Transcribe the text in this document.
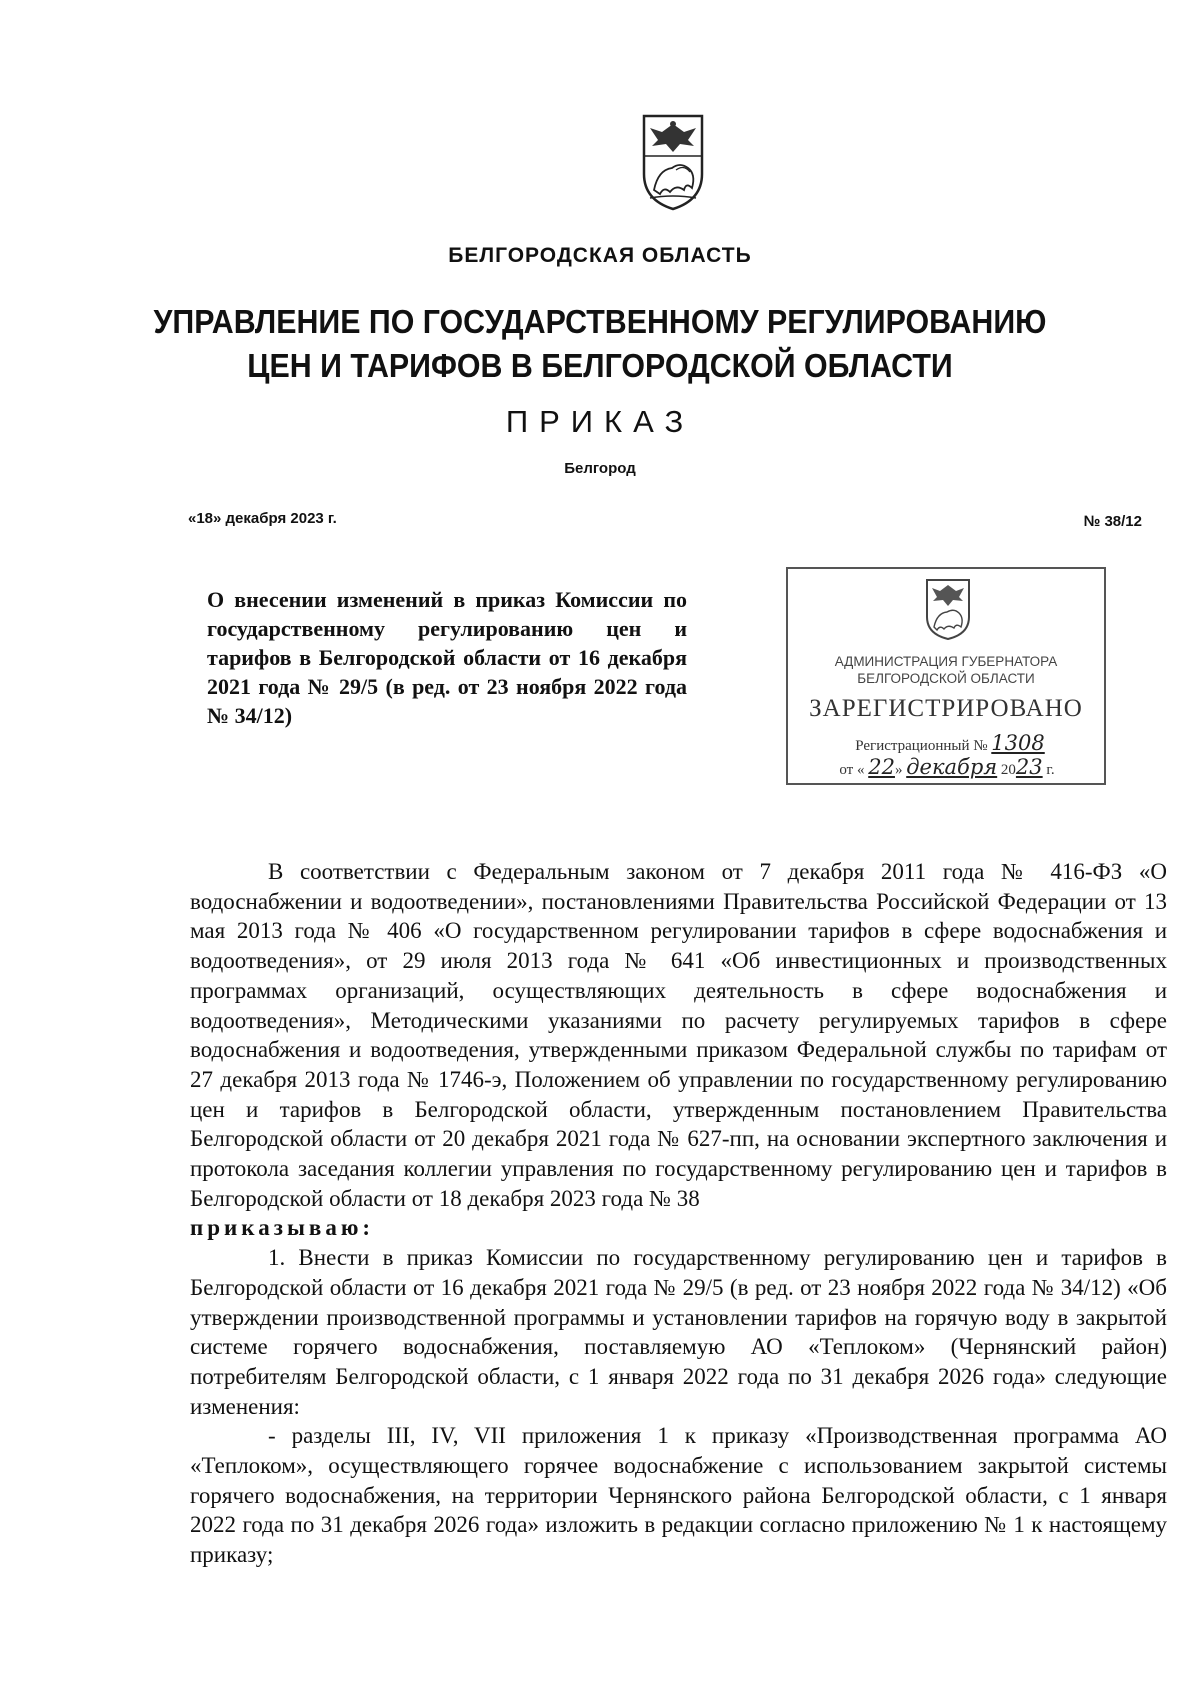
БЕЛГОРОДСКАЯ ОБЛАСТЬ
УПРАВЛЕНИЕ ПО ГОСУДАРСТВЕННОМУ РЕГУЛИРОВАНИЮ
ЦЕН И ТАРИФОВ В БЕЛГОРОДСКОЙ ОБЛАСТИ
ПРИКАЗ
Белгород
«18» декабря 2023 г.	№ 38/12
О внесении изменений в приказ Комиссии по государственному регулированию цен и тарифов в Белгородской области от 16 декабря 2021 года № 29/5 (в ред. от 23 ноября 2022 года № 34/12)
АДМИНИСТРАЦИЯ ГУБЕРНАТОРА
БЕЛГОРОДСКОЙ ОБЛАСТИ
ЗАРЕГИСТРИРОВАНО
Регистрационный № 1308
от « 22» декабря 2023 г.

В соответствии с Федеральным законом от 7 декабря 2011 года № 416-ФЗ «О водоснабжении и водоотведении», постановлениями Правительства Российской Федерации от 13 мая 2013 года № 406 «О государственном регулировании тарифов в сфере водоснабжения и водоотведения», от 29 июля 2013 года № 641 «Об инвестиционных и производственных программах организаций, осуществляющих деятельность в сфере водоснабжения и водоотведения», Методическими указаниями по расчету регулируемых тарифов в сфере водоснабжения и водоотведения, утвержденными приказом Федеральной службы по тарифам от 27 декабря 2013 года № 1746-э, Положением об управлении по государственному регулированию цен и тарифов в Белгородской области, утвержденным постановлением Правительства Белгородской области от 20 декабря 2021 года № 627-пп, на основании экспертного заключения и протокола заседания коллегии управления по государственному регулированию цен и тарифов в Белгородской области от 18 декабря 2023 года № 38

приказываю:

1. Внести в приказ Комиссии по государственному регулированию цен и тарифов в Белгородской области от 16 декабря 2021 года № 29/5 (в ред. от 23 ноября 2022 года № 34/12) «Об утверждении производственной программы и установлении тарифов на горячую воду в закрытой системе горячего водоснабжения, поставляемую АО «Теплоком» (Чернянский район) потребителям Белгородской области, с 1 января 2022 года по 31 декабря 2026 года» следующие изменения:

- разделы III, IV, VII приложения 1 к приказу «Производственная программа АО «Теплоком», осуществляющего горячее водоснабжение с использованием закрытой системы горячего водоснабжения, на территории Чернянского района Белгородской области, с 1 января 2022 года по 31 декабря 2026 года» изложить в редакции согласно приложению № 1 к настоящему приказу;
